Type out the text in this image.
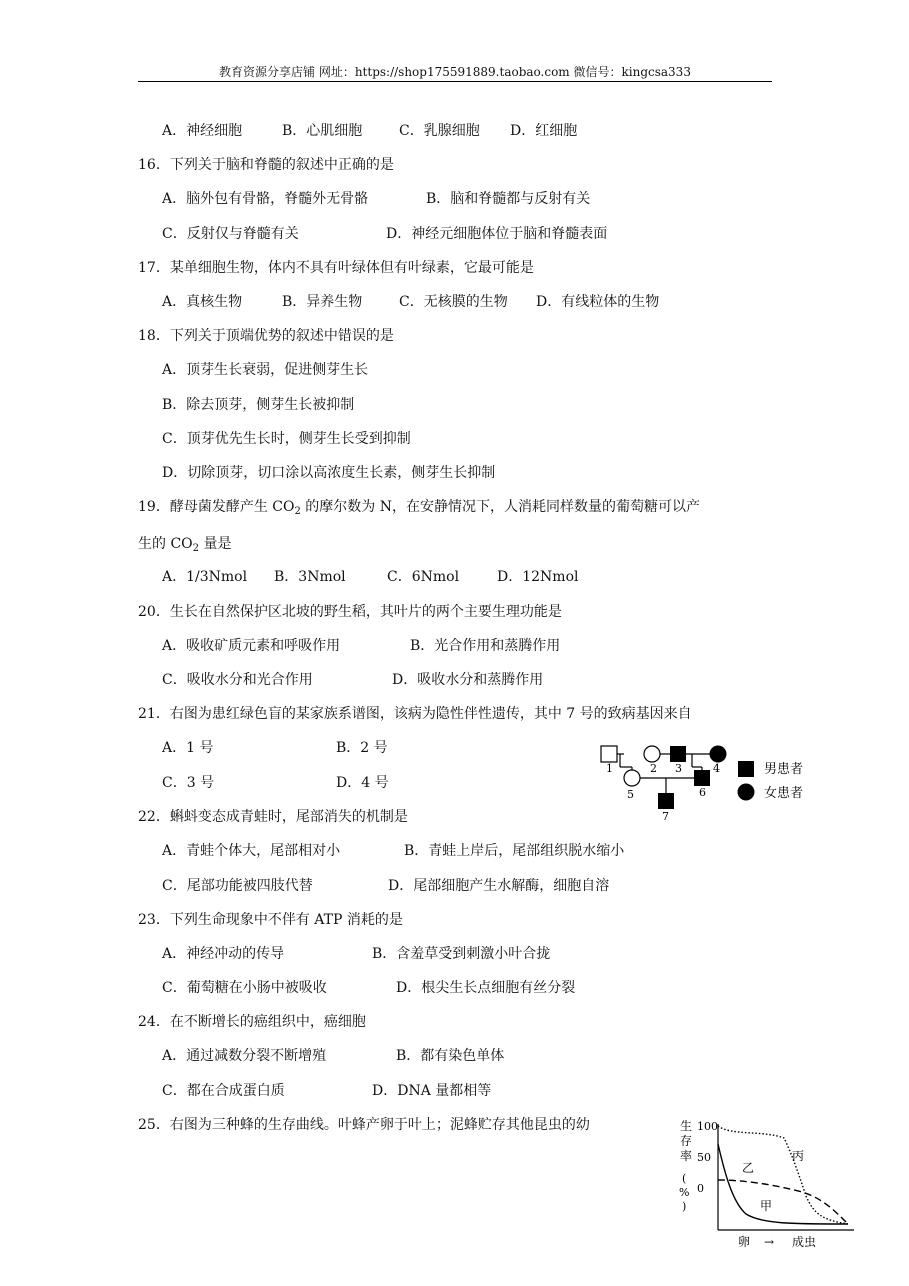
教育资源分享店铺 网址：https://shop175591889.taobao.com 微信号：kingcsa333
A．神经细胞	B．心肌细胞	C．乳腺细胞 D．红细胞
16．下列关于脑和脊髓的叙述中正确的是
A．脑外包有骨骼，脊髓外无骨骼	B．脑和脊髓都与反射有关
C．反射仅与脊髓有关	D．神经元细胞体位于脑和脊髓表面
17．某单细胞生物，体内不具有叶绿体但有叶绿素，它最可能是
A．真核生物	B．异养生物	C．无核膜的生物 D．有线粒体的生物
18．下列关于顶端优势的叙述中错误的是
A．顶芽生长衰弱，促进侧芽生长
B．除去顶芽，侧芽生长被抑制
C．顶芽优先生长时，侧芽生长受到抑制
D．切除顶芽，切口涂以高浓度生长素，侧芽生长抑制
19．酵母菌发酵产生 $CO_2$ 的摩尔数为 N，在安静情况下，人消耗同样数量的葡萄糖可以产
生的 $CO_2$ 量是
A．1/3Nmol B．3Nmol	C．6Nmol	D．12Nmol
20．生长在自然保护区北坡的野生稻，其叶片的两个主要生理功能是
A．吸收矿质元素和呼吸作用	B．光合作用和蒸腾作用
C．吸收水分和光合作用	D．吸收水分和蒸腾作用
21．右图为患红绿色盲的某家族系谱图，该病为隐性伴性遗传，其中 7 号的致病基因来自
A．1 号	B．2 号
C．3 号	D．4 号
1	2 3	4
5	6
7
男患者
女患者
22．蝌蚪变态成青蛙时，尾部消失的机制是
A．青蛙个体大，尾部相对小	B．青蛙上岸后，尾部组织脱水缩小
C．尾部功能被四肢代替	D．尾部细胞产生水解酶，细胞自溶
23．下列生命现象中不伴有 ATP 消耗的是
A．神经冲动的传导	B．含羞草受到刺激小叶合拢
C．葡萄糖在小肠中被吸收	D．根尖生长点细胞有丝分裂
24．在不断增长的癌组织中，癌细胞
A．通过减数分裂不断增殖	B．都有染色单体
C．都在合成蛋白质	D．DNA 量都相等
25．右图为三种蜂的生存曲线。叶蜂产卵于叶上；泥蜂贮存其他昆虫的幼	生
存
率
(
%
)
100
50
0
丙
乙
甲
卵 → 成虫
